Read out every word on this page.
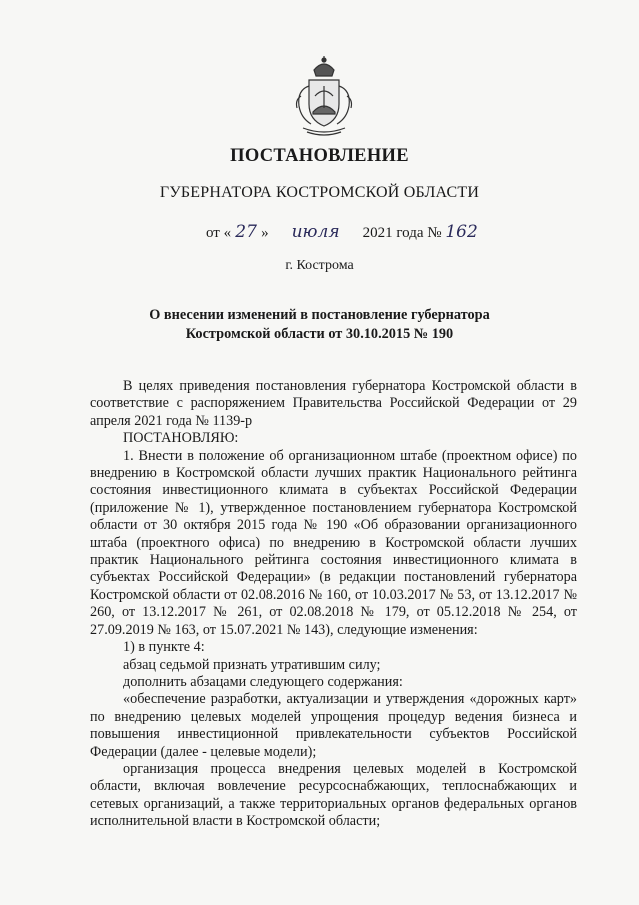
ПОСТАНОВЛЕНИЕ
ГУБЕРНАТОРА КОСТРОМСКОЙ ОБЛАСТИ
от « 27 » июля 2021 года № 162
г. Кострома
О внесении изменений в постановление губернатора
Костромской области от 30.10.2015 № 190

В целях приведения постановления губернатора Костромской области в соответствие с распоряжением Правительства Российской Федерации от 29 апреля 2021 года № 1139-р

ПОСТАНОВЛЯЮ:

1. Внести в положение об организационном штабе (проектном офисе) по внедрению в Костромской области лучших практик Национального рейтинга состояния инвестиционного климата в субъектах Российской Федерации (приложение № 1), утвержденное постановлением губернатора Костромской области от 30 октября 2015 года № 190 «Об образовании организационного штаба (проектного офиса) по внедрению в Костромской области лучших практик Национального рейтинга состояния инвестиционного климата в субъектах Российской Федерации» (в редакции постановлений губернатора Костромской области от 02.08.2016 № 160, от 10.03.2017 № 53, от 13.12.2017 № 260, от 13.12.2017 № 261, от 02.08.2018 № 179, от 05.12.2018 № 254, от 27.09.2019 № 163, от 15.07.2021 № 143), следующие изменения:

1) в пункте 4:

абзац седьмой признать утратившим силу;

дополнить абзацами следующего содержания:

«обеспечение разработки, актуализации и утверждения «дорожных карт» по внедрению целевых моделей упрощения процедур ведения бизнеса и повышения инвестиционной привлекательности субъектов Российской Федерации (далее - целевые модели);

организация процесса внедрения целевых моделей в Костромской области, включая вовлечение ресурсоснабжающих, теплоснабжающих и сетевых организаций, а также территориальных органов федеральных органов исполнительной власти в Костромской области;
